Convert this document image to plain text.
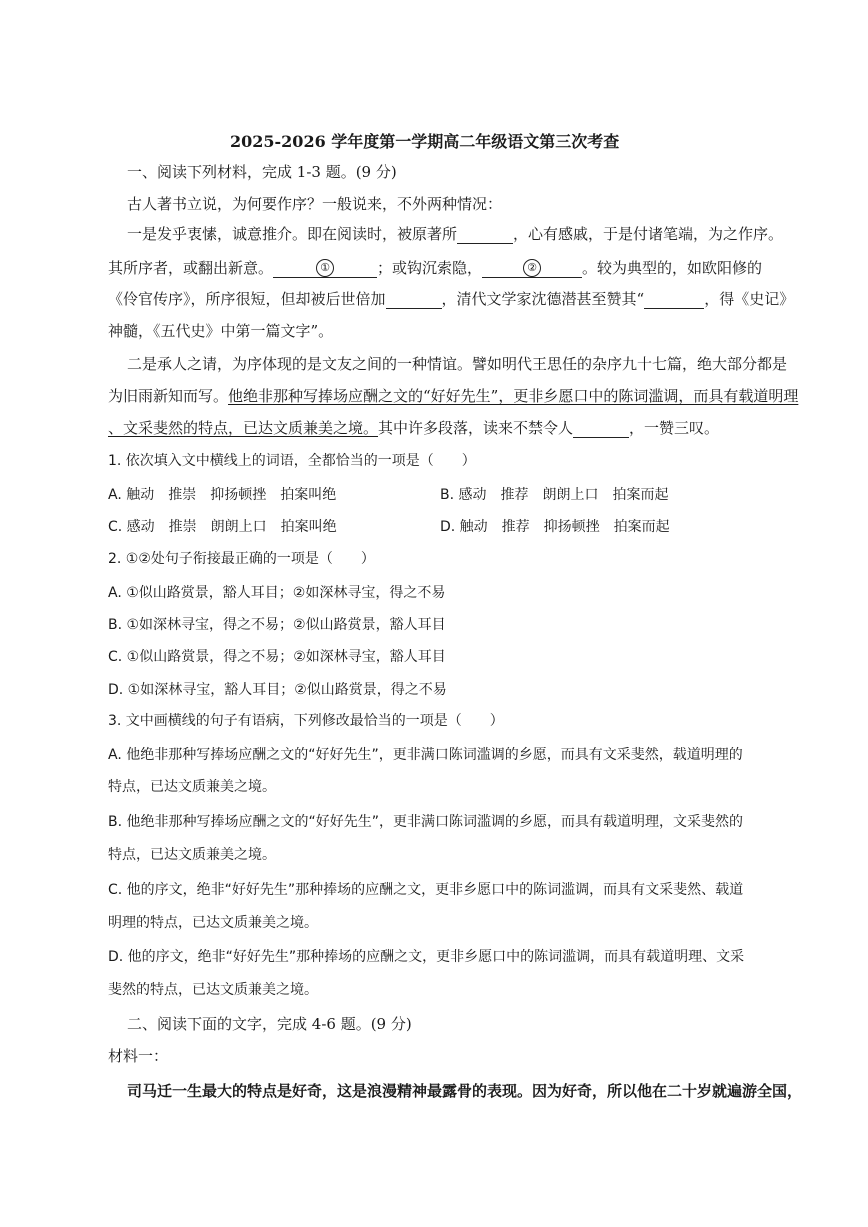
2025-2026 学年度第一学期高二年级语文第三次考查
一、阅读下列材料，完成 1-3 题。(9 分)
古人著书立说，为何要作序？一般说来，不外两种情况：
一是发乎衷愫，诚意推介。即在阅读时，被原著所	，心有感戚，于是付诸笔端，为之作序。
其所序者，或翻出新意。	①	；或钩沉索隐，	②	。较为典型的，如欧阳修的
《伶官传序》，所序很短，但却被后世倍加	，清代文学家沈德潜甚至赞其“	，得《史记》
神髓，《五代史》中第一篇文字”。
二是承人之请，为序体现的是文友之间的一种情谊。譬如明代王思任的杂序九十七篇，绝大部分都是
为旧雨新知而写。他绝非那种写捧场应酬之文的“好好先生”，更非乡愿口中的陈词滥调，而具有载道明理
、文采斐然的特点，已达文质兼美之境。其中许多段落，读来不禁令人	，一赞三叹。
1. 依次填入文中横线上的词语，全都恰当的一项是（　　）
A. 触动　推崇　抑扬顿挫　拍案叫绝	B. 感动　推荐　朗朗上口　拍案而起
C. 感动　推崇　朗朗上口　拍案叫绝	D. 触动　推荐　抑扬顿挫　拍案而起
2. ①②处句子衔接最正确的一项是（　　）
A. ①似山路赏景，豁人耳目；②如深林寻宝，得之不易
B. ①如深林寻宝，得之不易；②似山路赏景，豁人耳目
C. ①似山路赏景，得之不易；②如深林寻宝，豁人耳目
D. ①如深林寻宝，豁人耳目；②似山路赏景，得之不易
3. 文中画横线的句子有语病，下列修改最恰当的一项是（　　）
A. 他绝非那种写捧场应酬之文的“好好先生”，更非满口陈词滥调的乡愿，而具有文采斐然，载道明理的
特点，已达文质兼美之境。
B. 他绝非那种写捧场应酬之文的“好好先生”，更非满口陈词滥调的乡愿，而具有载道明理，文采斐然的
特点，已达文质兼美之境。
C. 他的序文，绝非“好好先生”那种捧场的应酬之文，更非乡愿口中的陈词滥调，而具有文采斐然、载道
明理的特点，已达文质兼美之境。
D. 他的序文，绝非“好好先生”那种捧场的应酬之文，更非乡愿口中的陈词滥调，而具有载道明理、文采
斐然的特点，已达文质兼美之境。
二、阅读下面的文字，完成 4-6 题。(9 分)
材料一：
司马迁一生最大的特点是好奇，这是浪漫精神最露骨的表现。因为好奇，所以他在二十岁就遍游全国，
